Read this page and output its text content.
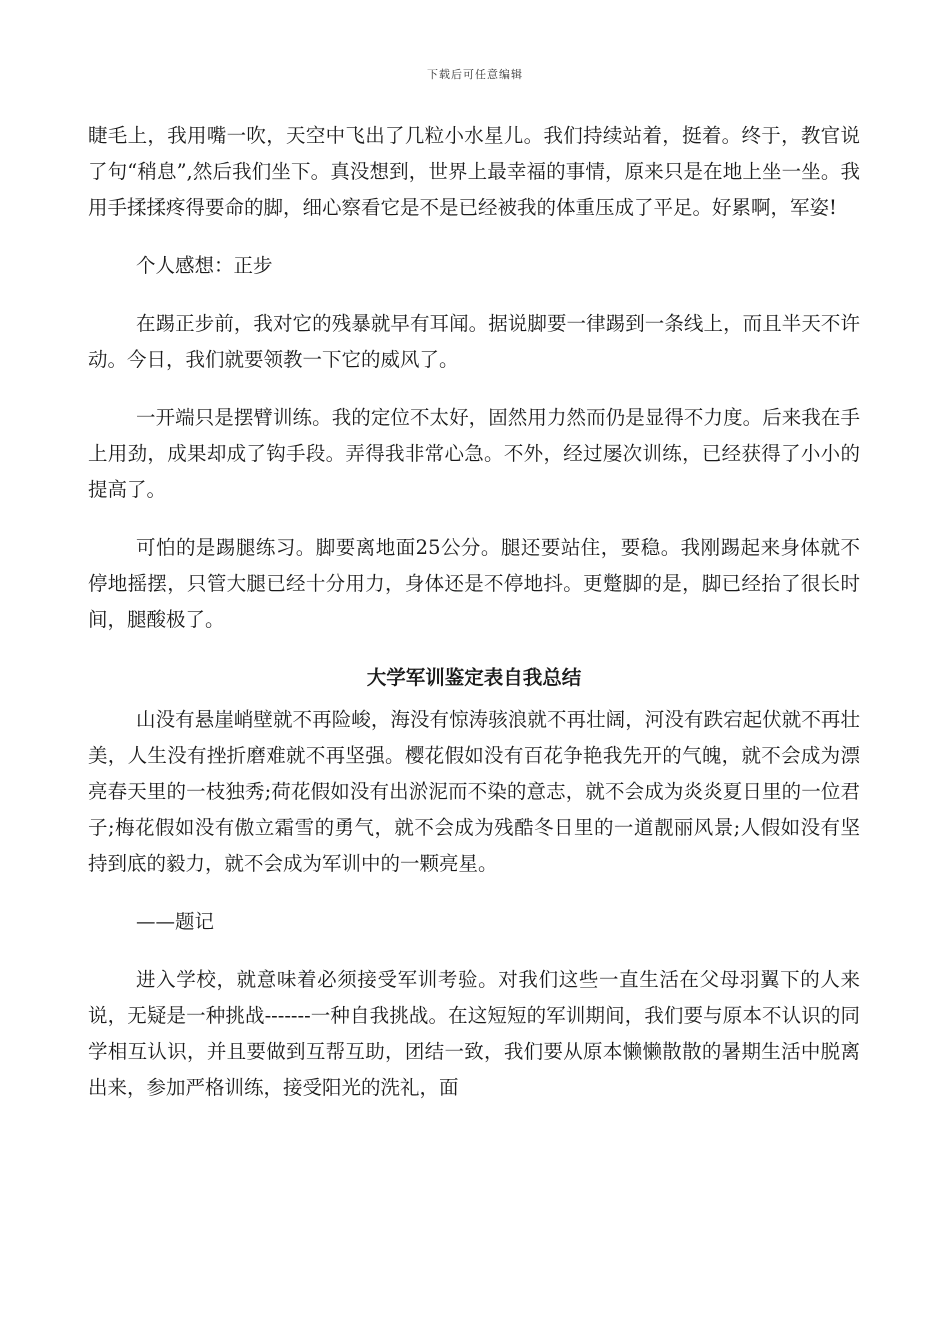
下载后可任意编辑

睫毛上，我用嘴一吹，天空中飞出了几粒小水星儿。我们持续站着，挺着。终于，教官说了句“稍息”,然后我们坐下。真没想到，世界上最幸福的事情，原来只是在地上坐一坐。我用手揉揉疼得要命的脚，细心察看它是不是已经被我的体重压成了平足。好累啊，军姿!

个人感想：正步

在踢正步前，我对它的残暴就早有耳闻。据说脚要一律踢到一条线上，而且半天不许动。今日，我们就要领教一下它的威风了。

一开端只是摆臂训练。我的定位不太好，固然用力然而仍是显得不力度。后来我在手上用劲，成果却成了钩手段。弄得我非常心急。不外，经过屡次训练，已经获得了小小的提高了。

可怕的是踢腿练习。脚要离地面25公分。腿还要站住，要稳。我刚踢起来身体就不停地摇摆，只管大腿已经十分用力，身体还是不停地抖。更蹩脚的是，脚已经抬了很长时间，腿酸极了。

大学军训鉴定表自我总结

山没有悬崖峭壁就不再险峻，海没有惊涛骇浪就不再壮阔，河没有跌宕起伏就不再壮美，人生没有挫折磨难就不再坚强。樱花假如没有百花争艳我先开的气魄，就不会成为漂亮春天里的一枝独秀;荷花假如没有出淤泥而不染的意志，就不会成为炎炎夏日里的一位君子;梅花假如没有傲立霜雪的勇气，就不会成为残酷冬日里的一道靓丽风景;人假如没有坚持到底的毅力，就不会成为军训中的一颗亮星。

——题记

进入学校，就意味着必须接受军训考验。对我们这些一直生活在父母羽翼下的人来说，无疑是一种挑战-------一种自我挑战。在这短短的军训期间，我们要与原本不认识的同学相互认识，并且要做到互帮互助，团结一致，我们要从原本懒懒散散的暑期生活中脱离出来，参加严格训练，接受阳光的洗礼，面
